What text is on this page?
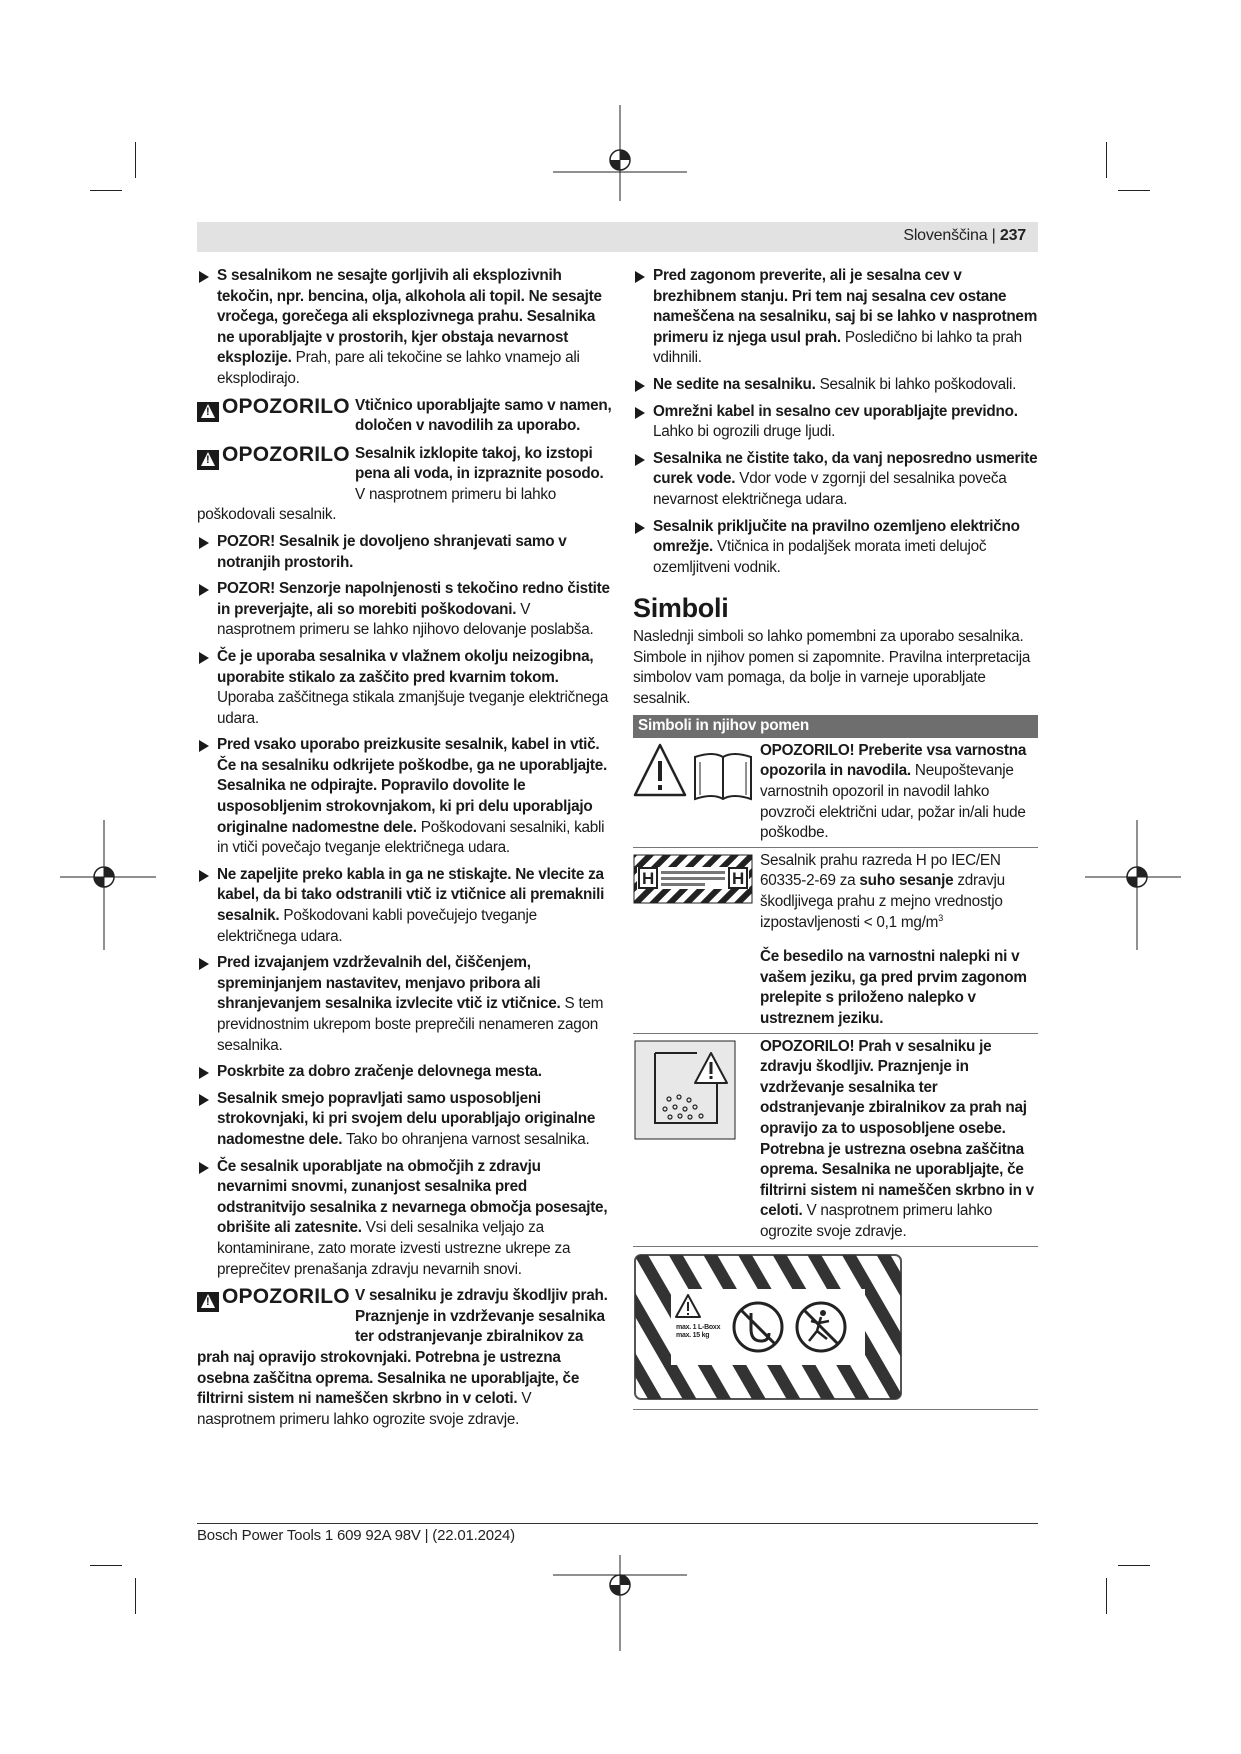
Slovenščina | 237
S sesalnikom ne sesajte gorljivih ali eksplozivnih tekočin, npr. bencina, olja, alkohola ali topil. Ne sesajte vročega, gorečega ali eksplozivnega prahu. Sesalnika ne uporabljajte v prostorih, kjer obstaja nevarnost eksplozije. Prah, pare ali tekočine se lahko vnamejo ali eksplodirajo.
! OPOZORILO Vtičnico uporabljajte samo v namen, določen v navodilih za uporabo.
! OPOZORILO Sesalnik izklopite takoj, ko izstopi pena ali voda, in izpraznite posodo. V nasprotnem primeru bi lahko poškodovali sesalnik.
POZOR! Sesalnik je dovoljeno shranjevati samo v notranjih prostorih.
POZOR! Senzorje napolnjenosti s tekočino redno čistite in preverjajte, ali so morebiti poškodovani. V nasprotnem primeru se lahko njihovo delovanje poslabša.
Če je uporaba sesalnika v vlažnem okolju neizogibna, uporabite stikalo za zaščito pred kvarnim tokom. Uporaba zaščitnega stikala zmanjšuje tveganje električnega udara.
Pred vsako uporabo preizkusite sesalnik, kabel in vtič. Če na sesalniku odkrijete poškodbe, ga ne uporabljajte. Sesalnika ne odpirajte. Popravilo dovolite le usposobljenim strokovnjakom, ki pri delu uporabljajo originalne nadomestne dele. Poškodovani sesalniki, kabli in vtiči povečajo tveganje električnega udara.
Ne zapeljite preko kabla in ga ne stiskajte. Ne vlecite za kabel, da bi tako odstranili vtič iz vtičnice ali premaknili sesalnik. Poškodovani kabli povečujejo tveganje električnega udara.
Pred izvajanjem vzdrževalnih del, čiščenjem, spreminjanjem nastavitev, menjavo pribora ali shranjevanjem sesalnika izvlecite vtič iz vtičnice. S tem previdnostnim ukrepom boste preprečili nenameren zagon sesalnika.
Poskrbite za dobro zračenje delovnega mesta.
Sesalnik smejo popravljati samo usposobljeni strokovnjaki, ki pri svojem delu uporabljajo originalne nadomestne dele. Tako bo ohranjena varnost sesalnika.
Če sesalnik uporabljate na območjih z zdravju nevarnimi snovmi, zunanjost sesalnika pred odstranitvijo sesalnika z nevarnega območja posesajte, obrišite ali zatesnite. Vsi deli sesalnika veljajo za kontaminirane, zato morate izvesti ustrezne ukrepe za preprečitev prenašanja zdravju nevarnih snovi.
! OPOZORILO V sesalniku je zdravju škodljiv prah. Praznjenje in vzdrževanje sesalnika ter odstranjevanje zbiralnikov za prah naj opravijo strokovnjaki. Potrebna je ustrezna osebna zaščitna oprema. Sesalnika ne uporabljajte, če filtrirni sistem ni nameščen skrbno in v celoti. V nasprotnem primeru lahko ogrozite svoje zdravje.
Pred zagonom preverite, ali je sesalna cev v brezhibnem stanju. Pri tem naj sesalna cev ostane nameščena na sesalniku, saj bi se lahko v nasprotnem primeru iz njega usul prah. Posledično bi lahko ta prah vdihnili.
Ne sedite na sesalniku. Sesalnik bi lahko poškodovali.
Omrežni kabel in sesalno cev uporabljajte previdno. Lahko bi ogrozili druge ljudi.
Sesalnika ne čistite tako, da vanj neposredno usmerite curek vode. Vdor vode v zgornji del sesalnika poveča nevarnost električnega udara.
Sesalnik priključite na pravilno ozemljeno električno omrežje. Vtičnica in podaljšek morata imeti delujoč ozemljitveni vodnik.
Simboli
Naslednji simboli so lahko pomembni za uporabo sesalnika. Simbole in njihov pomen si zapomnite. Pravilna interpretacija simbolov vam pomaga, da bolje in varneje uporabljate sesalnik.
Simboli in njihov pomen
OPOZORILO! Preberite vsa varnostna opozorila in navodila. Neupoštevanje varnostnih opozoril in navodil lahko povzroči električni udar, požar in/ali hude poškodbe.
H	H
Sesalnik prahu razreda H po IEC/EN 60335-2-69 za suho sesanje zdravju škodljivega prahu z mejno vrednostjo izpostavljenosti < 0,1 $mg/m^3$
Če besedilo na varnostni nalepki ni v vašem jeziku, ga pred prvim zagonom prelepite s priloženo nalepko v ustreznem jeziku.
OPOZORILO! Prah v sesalniku je zdravju škodljiv. Praznjenje in vzdrževanje sesalnika ter odstranjevanje zbiralnikov za prah naj opravijo za to usposobljene osebe. Potrebna je ustrezna osebna zaščitna oprema. Sesalnika ne uporabljajte, če filtrirni sistem ni nameščen skrbno in v celoti. V nasprotnem primeru lahko ogrozite svoje zdravje.
max. 1 L-Boxx
max. 15 kg
Bosch Power Tools 1 609 92A 98V | (22.01.2024)
